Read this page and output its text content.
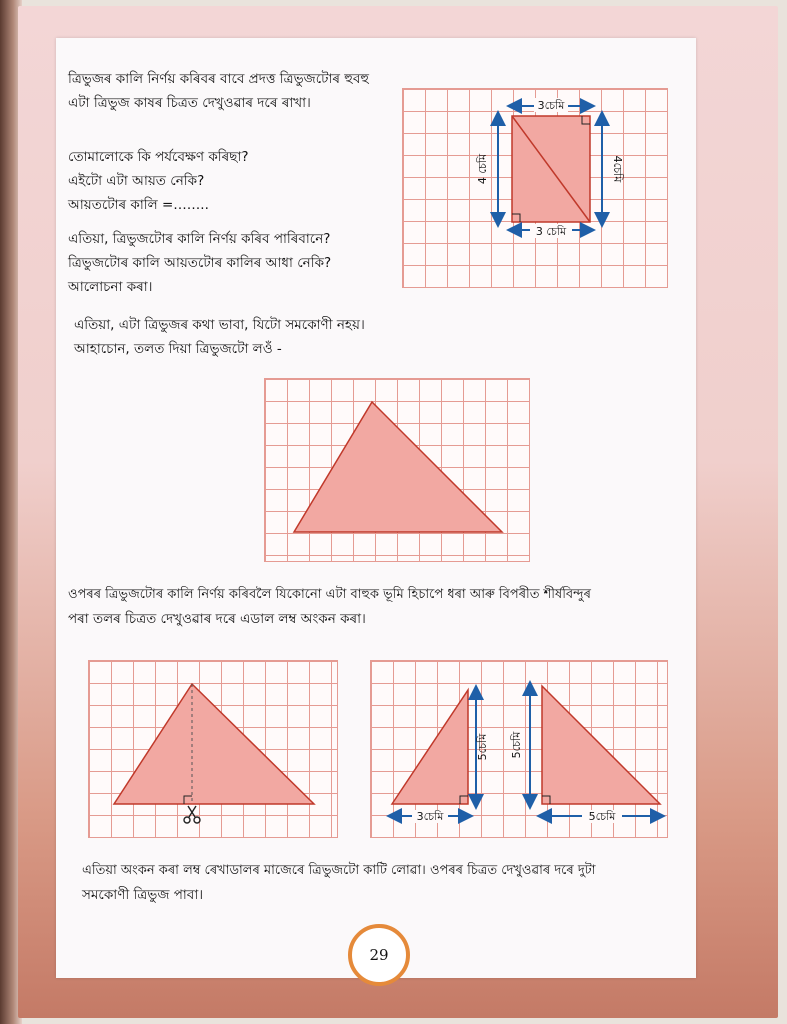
ত্রিভুজৰ কালি নির্ণয় কৰিবৰ বাবে প্ৰদত্ত ত্রিভুজটোৰ হুবহু
এটা ত্রিভুজ কাষৰ চিত্ৰত দেখুওৱাৰ দৰে ৰাখা।
তোমালোকে কি পৰ্যবেক্ষণ কৰিছা?
এইটো এটা আয়ত নেকি?
আয়তটোৰ কালি =……..
এতিয়া, ত্রিভুজটোৰ কালি নির্ণয় কৰিব পাৰিবানে?
ত্রিভুজটোৰ কালি আয়তটোৰ কালিৰ আধা নেকি?
আলোচনা কৰা।
3চেমি
3 চেমি
4 চেমি	4চেমি
এতিয়া, এটা ত্রিভুজৰ কথা ভাবা, যিটো সমকোণী নহয়।
আহাচোন, তলত দিয়া ত্রিভুজটো লওঁ -
ওপৰৰ ত্রিভুজটোৰ কালি নির্ণয় কৰিবলৈ যিকোনো এটা বাহুক ভূমি হিচাপে ধৰা আৰু বিপৰীত শীৰ্ষবিন্দুৰ
পৰা তলৰ চিত্ৰত দেখুওৱাৰ দৰে এডাল লম্ব অংকন কৰা।
3চেমি
5চেমি
5চেমি
5চেমি
এতিয়া অংকন কৰা লম্ব ৰেখাডালৰ মাজেৰে ত্রিভুজটো কাটি লোৱা। ওপৰৰ চিত্ৰত দেখুওৱাৰ দৰে দুটা
সমকোণী ত্রিভুজ পাবা।
29
